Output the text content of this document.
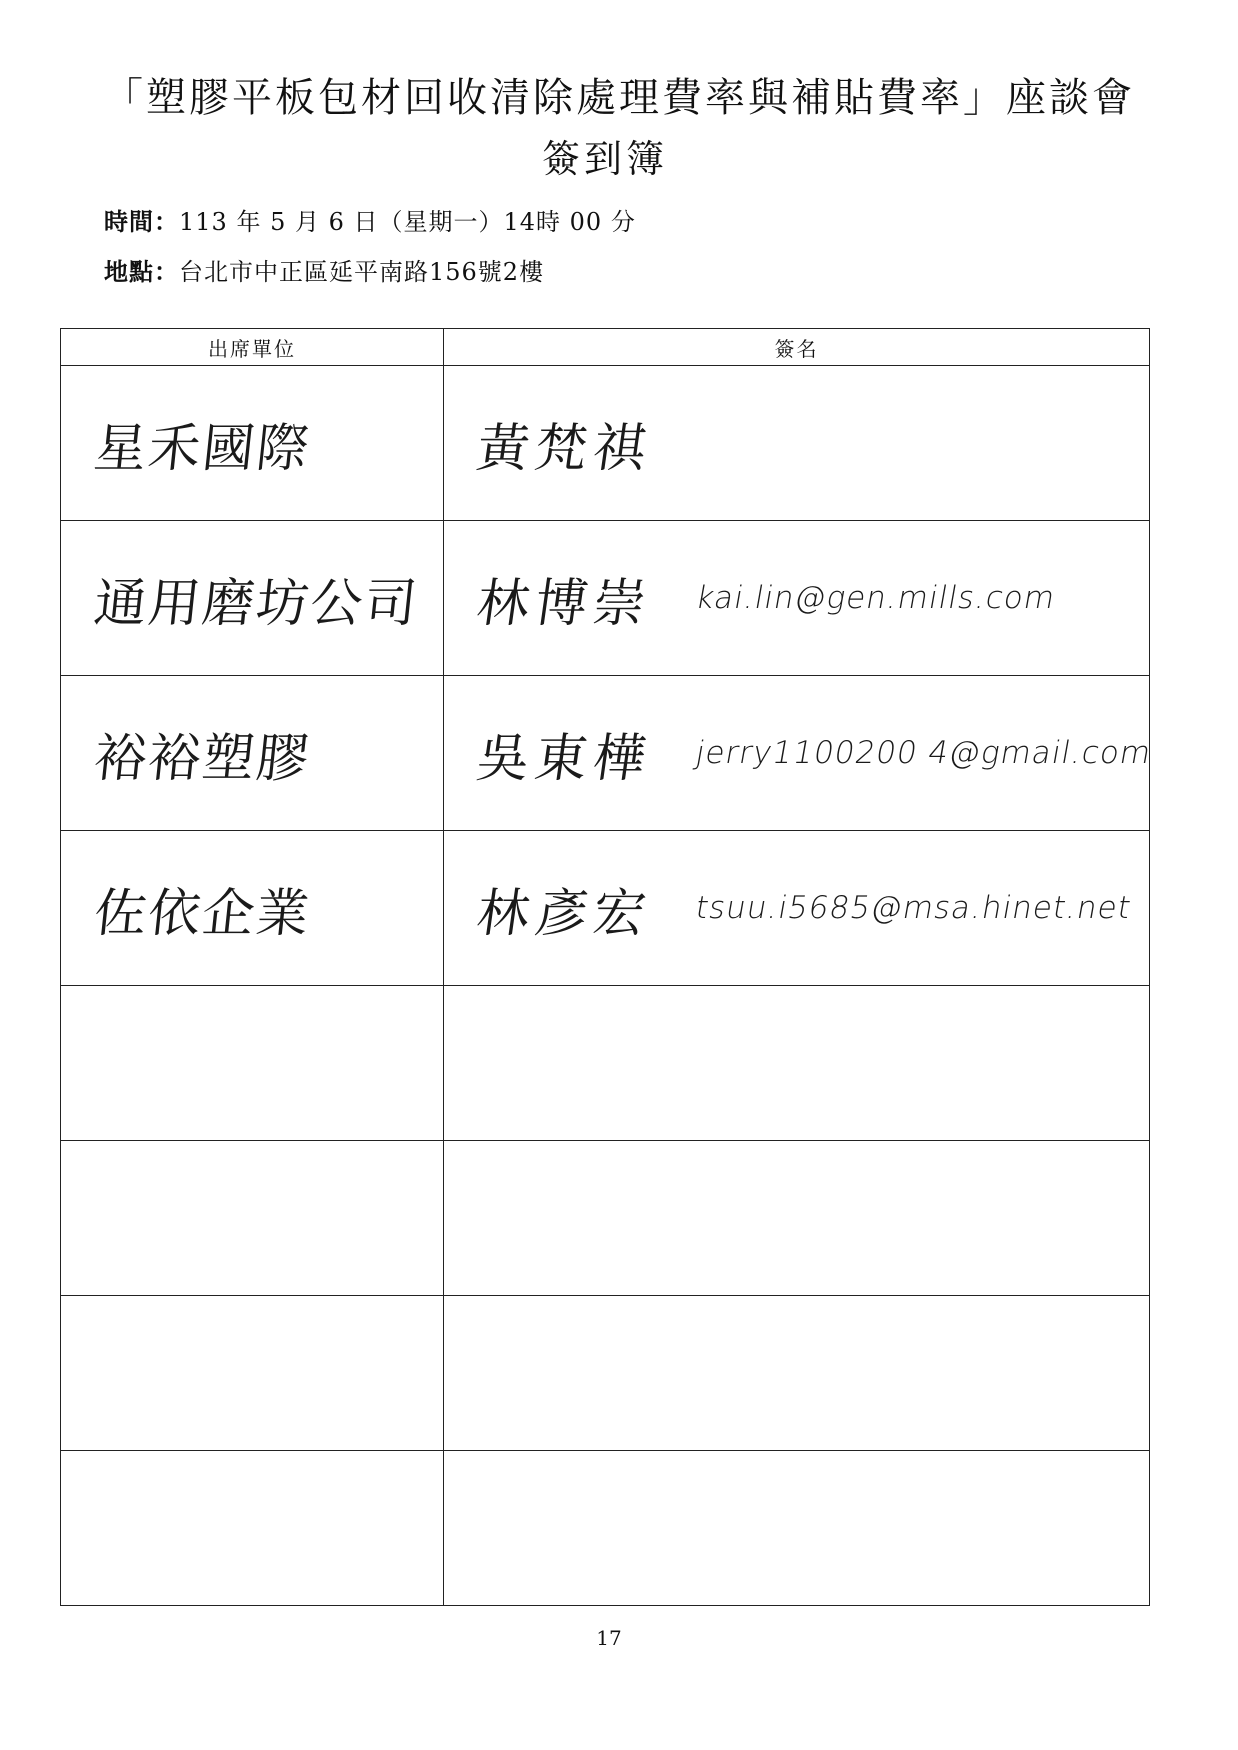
「塑膠平板包材回收清除處理費率與補貼費率」座談會
簽到簿
時間：113 年 5 月 6 日（星期一）14時 00 分
地點：台北市中正區延平南路156號2樓
出席單位	簽名
星禾國際	黃梵祺

通用磨坊公司	林博崇 kai.lin@gen.mills.com

裕裕塑膠	吳東樺 jerry1100200 4@gmail.com

佐依企業	林彥宏 tsuu.i5685@msa.hinet.net

17
